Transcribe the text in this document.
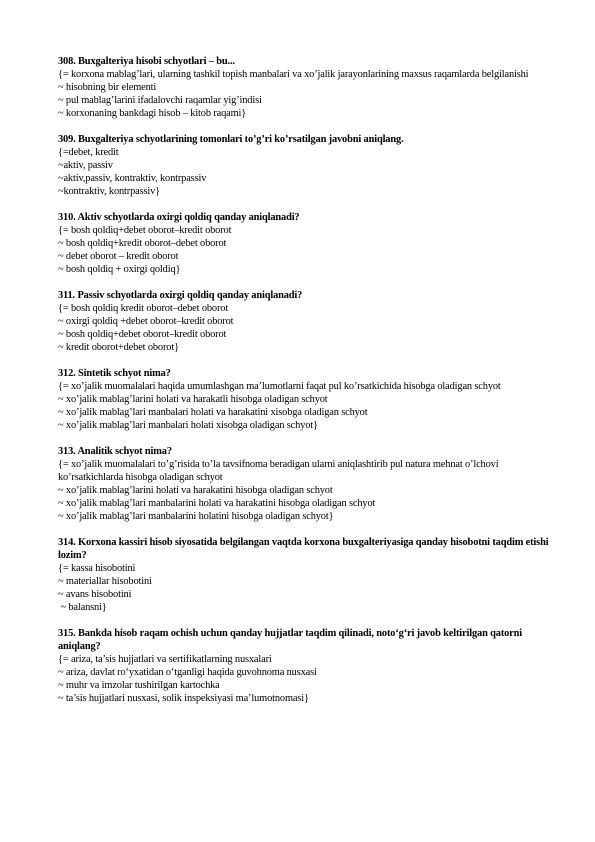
308. Buxgalteriya hisobi schyotlari – bu...
{= korxona mablag’lari, ularning tashkil topish manbalari va xo’jalik jarayonlarining maxsus raqamlarda belgilanishi
~ hisobning bir elementi
~ pul mablag’larini ifadalovchi raqamlar yig’indisi
~ korxonaning bankdagi hisob – kitob raqami}
309. Buxgalteriya schyotlarining tomonlari to’g’ri ko’rsatilgan javobni aniqlang.
{=debet, kredit
~aktiv, passiv
~aktiv,passiv, kontraktiv, kontrpassiv
~kontraktiv, kontrpassiv}
310. Aktiv schyotlarda oxirgi qoldiq qanday aniqlanadi?
{= bosh qoldiq+debet oborot–kredit oborot
~ bosh qoldiq+kredit oborot–debet oborot
~ debet oborot – kredit oborot
~ bosh qoldiq + oxirgi qoldiq}
311. Passiv schyotlarda oxirgi qoldiq qanday aniqlanadi?
{= bosh qoldiq kredit oborot–debet oborot
~ oxirgi qoldiq +debet oborot–kredit oborot
~ bosh qoldiq+debet oborot–kredit oborot
~ kredit oborot+debet oborot}
312. Sintetik schyot nima?
{= xo’jalik muomalalari haqida umumlashgan ma’lumotlarni faqat pul ko’rsatkichida hisobga oladigan schyot
~ xo’jalik mablag’larini holati va harakatli hisobga oladigan schyot
~ xo’jalik mablag’lari manbalari holati va harakatini xisobga oladigan schyot
~ xo’jalik mablag’lari manbalari holati xisobga oladigan schyot}
313. Analitik schyot nima?
{= xo’jalik muomalalari to’g’risida to’la tavsifnoma beradigan ularni aniqlashtirib pul natura mehnat o’lchovi ko’rsatkichlarda hisobga oladigan schyot
~ xo’jalik mablag’larini holati va harakatini hisobga oladigan schyot
~ xo’jalik mablag’lari manbalarini holati va harakatini hisobga oladigan schyot
~ xo’jalik mablag’lari manbalarini holatini hisobga oladigan schyot}
314. Korxona kassiri hisob siyosatida belgilangan vaqtda korxona buxgalteriyasiga qanday hisobotni taqdim etishi lozim?
{= kassa hisobotini
~ materiallar hisobotini
~ avans hisobotini
~ balansni}
315. Bankda hisob raqam ochish uchun qanday hujjatlar taqdim qilinadi, noto‘g‘ri javob keltirilgan qatorni aniqlang?
{= ariza, ta’sis hujjatlari va sertifikatlarning nusxalari
~ ariza, davlat ro‘yxatidan o‘tganligi haqida guvohnoma nusxasi
~ muhr va imzolar tushirilgan kartochka
~ ta’sis hujjatlari nusxasi, solik inspeksiyasi ma’lumotnomasi}
